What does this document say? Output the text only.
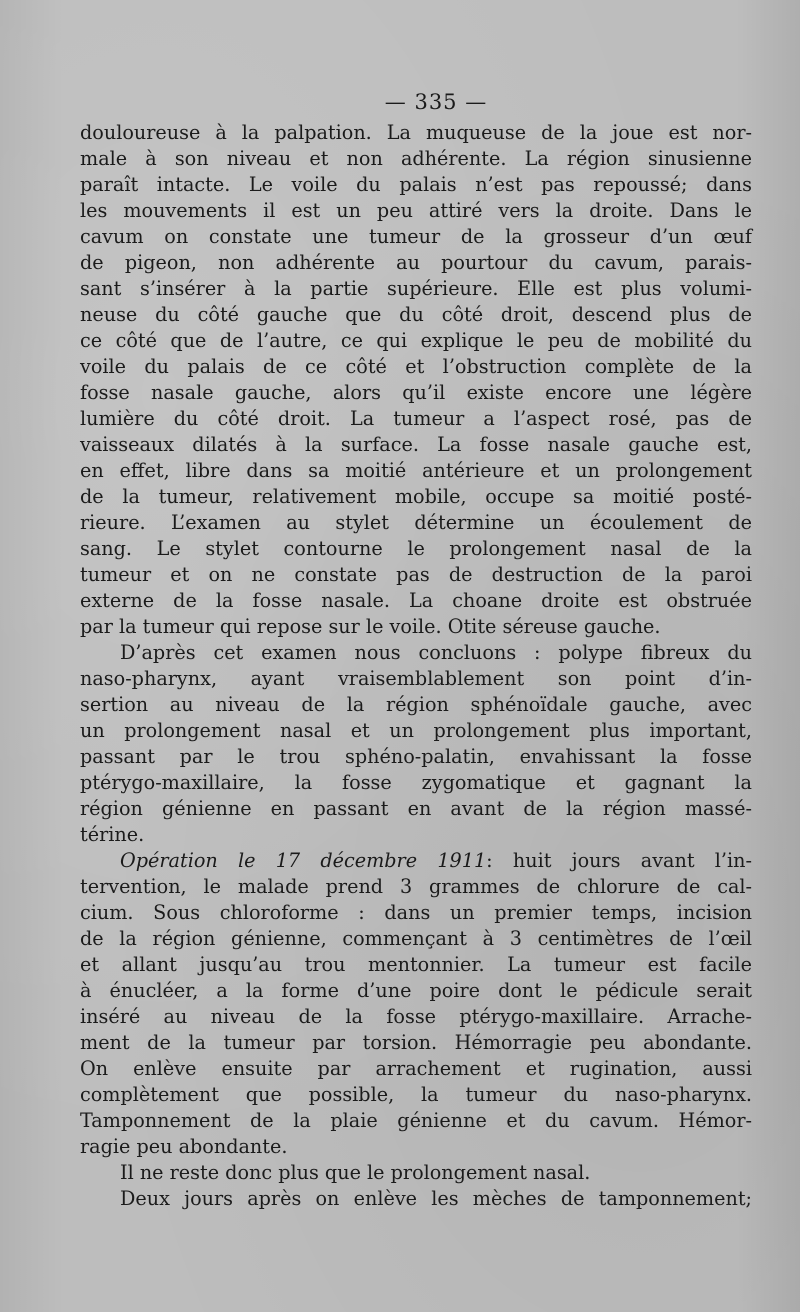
— 335 —
douloureuse à la palpation. La muqueuse de la joue est nor-
male à son niveau et non adhérente. La région sinusienne
paraît intacte. Le voile du palais n’est pas repoussé; dans
les mouvements il est un peu attiré vers la droite. Dans le
cavum on constate une tumeur de la grosseur d’un œuf
de pigeon, non adhérente au pourtour du cavum, parais-
sant s’insérer à la partie supérieure. Elle est plus volumi-
neuse du côté gauche que du côté droit, descend plus de
ce côté que de l’autre, ce qui explique le peu de mobilité du
voile du palais de ce côté et l’obstruction complète de la
fosse nasale gauche, alors qu’il existe encore une légère
lumière du côté droit. La tumeur a l’aspect rosé, pas de
vaisseaux dilatés à la surface. La fosse nasale gauche est,
en effet, libre dans sa moitié antérieure et un prolongement
de la tumeur, relativement mobile, occupe sa moitié posté-
rieure. L’examen au stylet détermine un écoulement de
sang. Le stylet contourne le prolongement nasal de la
tumeur et on ne constate pas de destruction de la paroi
externe de la fosse nasale. La choane droite est obstruée
par la tumeur qui repose sur le voile. Otite séreuse gauche.
D’après cet examen nous concluons : polype fibreux du
naso-pharynx, ayant vraisemblablement son point d’in-
sertion au niveau de la région sphénoïdale gauche, avec
un prolongement nasal et un prolongement plus important,
passant par le trou sphéno-palatin, envahissant la fosse
ptérygo-maxillaire, la fosse zygomatique et gagnant la
région génienne en passant en avant de la région massé-
térine.
Opération le 17 décembre 1911: huit jours avant l’in-
tervention, le malade prend 3 grammes de chlorure de cal-
cium. Sous chloroforme : dans un premier temps, incision
de la région génienne, commençant à 3 centimètres de l’œil
et allant jusqu’au trou mentonnier. La tumeur est facile
à énucléer, a la forme d’une poire dont le pédicule serait
inséré au niveau de la fosse ptérygo-maxillaire. Arrache-
ment de la tumeur par torsion. Hémorragie peu abondante.
On enlève ensuite par arrachement et rugination, aussi
complètement que possible, la tumeur du naso-pharynx.
Tamponnement de la plaie génienne et du cavum. Hémor-
ragie peu abondante.
Il ne reste donc plus que le prolongement nasal.
Deux jours après on enlève les mèches de tamponnement;
